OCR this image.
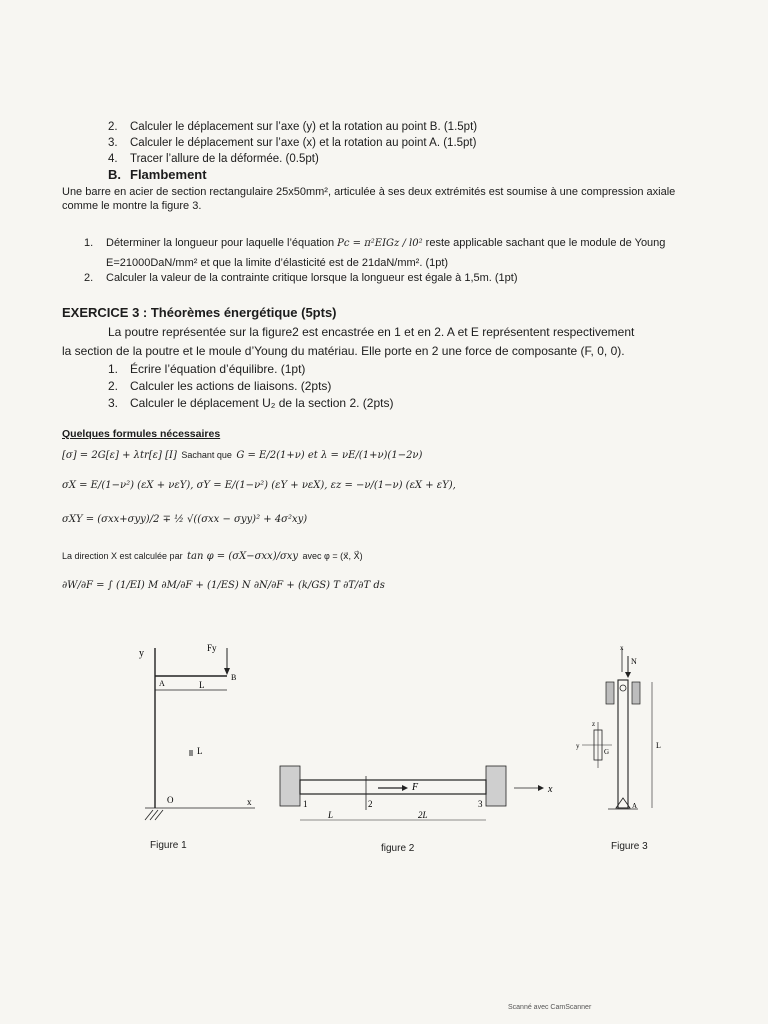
2. Calculer le déplacement sur l’axe (y) et la rotation au point B. (1.5pt)
3. Calculer le déplacement sur l’axe (x) et la rotation au point A. (1.5pt)
4. Tracer l’allure de la déformée. (0.5pt)
B. Flambement
Une barre en acier de section rectangulaire 25x50mm², articulée à ses deux extrémités est soumise à une compression axiale comme le montre la figure 3.
1. Déterminer la longueur pour laquelle l’équation Pc = π²EIGz / l0² reste applicable sachant que le module de Young
E=21000DaN/mm² et que la limite d’élasticité est de 21daN/mm². (1pt)
2. Calculer la valeur de la contrainte critique lorsque la longueur est égale à 1,5m. (1pt)
EXERCICE 3 : Théorèmes énergétique (5pts)
La poutre représentée sur la figure2 est encastrée en 1 et en 2. A et E représentent respectivement
la section de la poutre et le moule d’Young du matériau. Elle porte en 2 une force de composante (F, 0, 0).
1. Écrire l’équation d’équilibre. (1pt)
2. Calculer les actions de liaisons. (2pts)
3. Calculer le déplacement U₂ de la section 2. (2pts)
Quelques formules nécessaires
[σ] = 2G[ε] + λtr[ε] [I] Sachant que G = E/2(1+ν) et λ = νE/(1+ν)(1−2ν)
σX = E/(1−ν²) (εX + νεY), σY = E/(1−ν²) (εY + νεX), εz = −ν/(1−ν) (εX + εY),
σXY = (σxx+σyy)/2 ∓ ½ √((σxx − σyy)² + 4σ²xy)
La direction X est calculée par tan φ = (σX−σxx)/σxy avec φ = (x⃗, X⃗)
∂W/∂F = ∫ (1/EI) M ∂M/∂F + (1/ES) N ∂N/∂F + (k/GS) T ∂T/∂T ds
y	Fy
A
B
L
L
O	x
Figure 1
F	x
1	2	3
L	2L
figure 2
x
N
z
y
G
L
A
Figure 3
Scanné avec CamScanner
